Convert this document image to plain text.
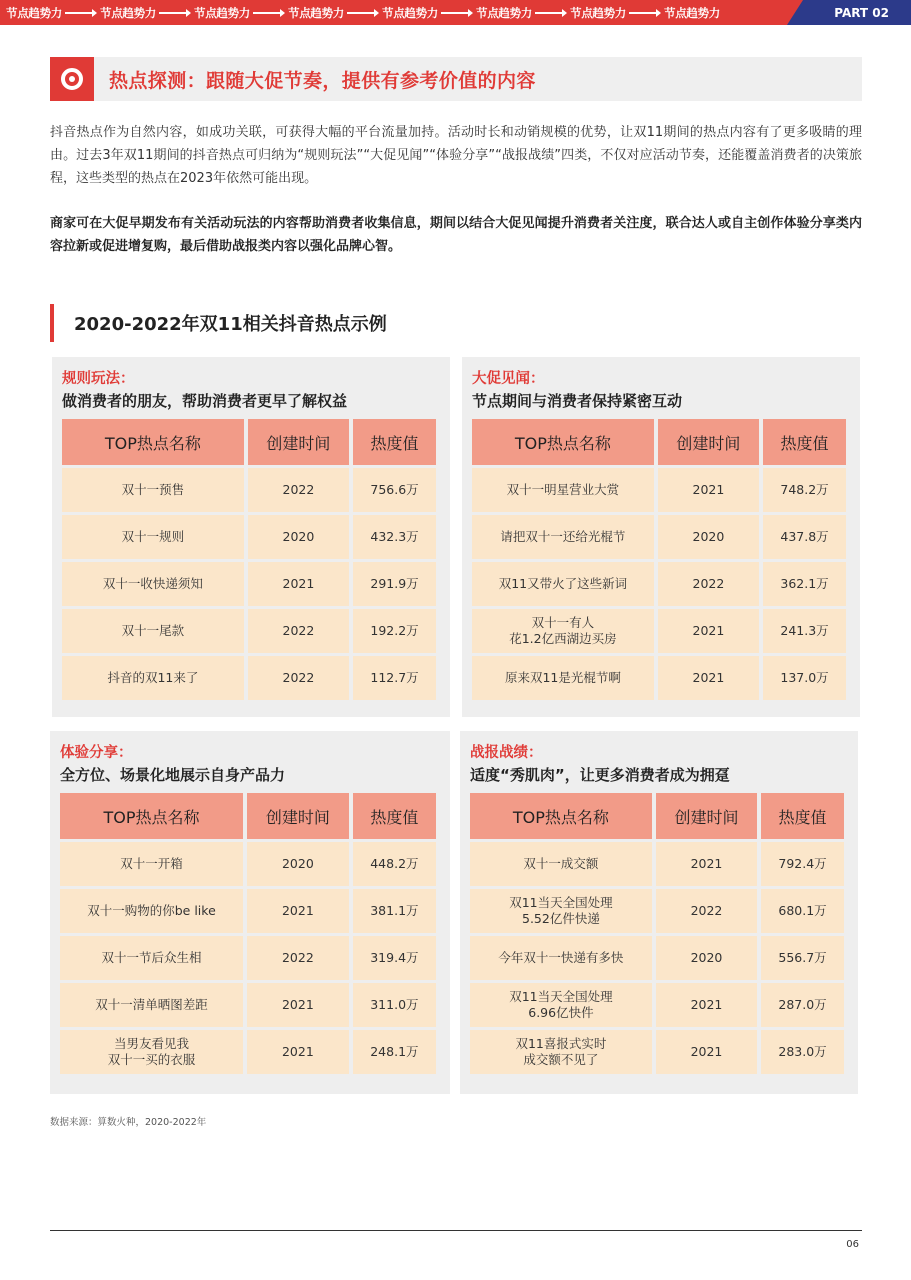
节点趋势力	节点趋势力	节点趋势力	节点趋势力	节点趋势力	节点趋势力	节点趋势力	节点趋势力	PART 02
热点探测：跟随大促节奏，提供有参考价值的内容

抖音热点作为自然内容，如成功关联，可获得大幅的平台流量加持。活动时长和动销规模的优势，让双11期间的热点内容有了更多吸睛的理由。过去3年双11期间的抖音热点可归纳为“规则玩法”“大促见闻”“体验分享”“战报战绩”四类，不仅对应活动节奏，还能覆盖消费者的决策旅程，这些类型的热点在2023年依然可能出现。

商家可在大促早期发布有关活动玩法的内容帮助消费者收集信息，期间以结合大促见闻提升消费者关注度，联合达人或自主创作体验分享类内容拉新或促进增复购，最后借助战报类内容以强化品牌心智。

2020-2022年双11相关抖音热点示例
规则玩法：
做消费者的朋友，帮助消费者更早了解权益
TOP热点名称	创建时间	热度值
双十一预售	2022	756.6万
双十一规则	2020	432.3万
双十一收快递须知	2021	291.9万
双十一尾款	2022	192.2万
抖音的双11来了	2022	112.7万
大促见闻：
节点期间与消费者保持紧密互动
TOP热点名称	创建时间	热度值
双十一明星营业大赏	2021	748.2万
请把双十一还给光棍节	2020	437.8万
双11又带火了这些新词	2022	362.1万
双十一有人
花1.2亿西湖边买房	2021	241.3万
原来双11是光棍节啊	2021	137.0万
体验分享：
全方位、场景化地展示自身产品力
TOP热点名称	创建时间	热度值
双十一开箱	2020	448.2万
双十一购物的你be like	2021	381.1万
双十一节后众生相	2022	319.4万
双十一清单晒图差距	2021	311.0万
当男友看见我
双十一买的衣服	2021	248.1万
战报战绩：
适度“秀肌肉”，让更多消费者成为拥趸
TOP热点名称	创建时间	热度值
双十一成交额	2021	792.4万
双11当天全国处理
5.52亿件快递	2022	680.1万
今年双十一快递有多快	2020	556.7万
双11当天全国处理
6.96亿快件	2021	287.0万
双11喜报式实时
成交额不见了	2021	283.0万
数据来源：算数火种，2020-2022年
06
